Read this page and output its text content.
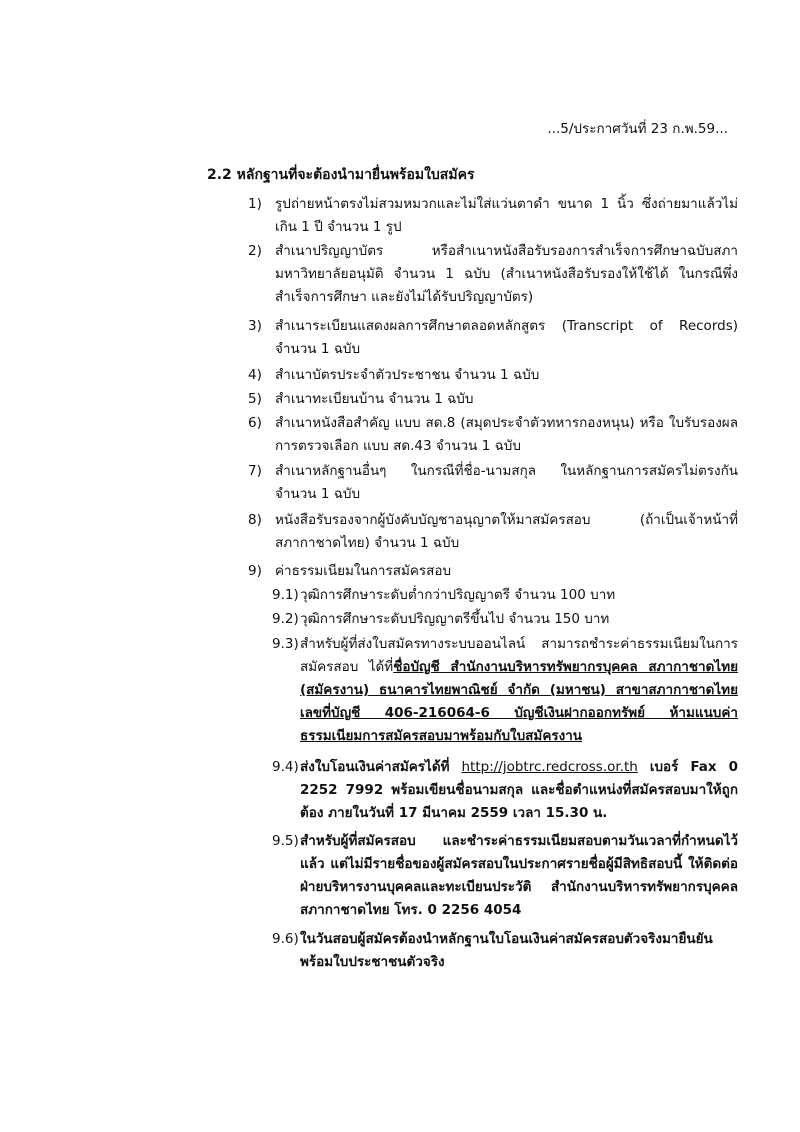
...5/ประกาศวันที่ 23 ก.พ.59...
2.2 หลักฐานที่จะต้องนำมายื่นพร้อมใบสมัคร
1) รูปถ่ายหน้าตรงไม่สวมหมวกและไม่ใส่แว่นตาดำ ขนาด 1 นิ้ว ซึ่งถ่ายมาแล้วไม่เกิน 1 ปี จำนวน 1 รูป
2) สำเนาปริญญาบัตร หรือสำเนาหนังสือรับรองการสำเร็จการศึกษาฉบับสภามหาวิทยาลัยอนุมัติ จำนวน 1 ฉบับ (สำเนาหนังสือรับรองให้ใช้ได้ ในกรณีพึ่งสำเร็จการศึกษา และยังไม่ได้รับปริญญาบัตร)
3) สำเนาระเบียนแสดงผลการศึกษาตลอดหลักสูตร (Transcript of Records) จำนวน 1 ฉบับ
4) สำเนาบัตรประจำตัวประชาชน จำนวน 1 ฉบับ
5) สำเนาทะเบียนบ้าน จำนวน 1 ฉบับ
6) สำเนาหนังสือสำคัญ แบบ สด.8 (สมุดประจำตัวทหารกองหนุน) หรือ ใบรับรองผลการตรวจเลือก แบบ สด.43 จำนวน 1 ฉบับ
7) สำเนาหลักฐานอื่นๆ ในกรณีที่ชื่อ-นามสกุล ในหลักฐานการสมัครไม่ตรงกัน จำนวน 1 ฉบับ
8) หนังสือรับรองจากผู้บังคับบัญชาอนุญาตให้มาสมัครสอบ (ถ้าเป็นเจ้าหน้าที่สภากาชาดไทย) จำนวน 1 ฉบับ
9) ค่าธรรมเนียมในการสมัครสอบ
9.1) วุฒิการศึกษาระดับต่ำกว่าปริญญาตรี จำนวน 100 บาท
9.2) วุฒิการศึกษาระดับปริญญาตรีขึ้นไป จำนวน 150 บาท
9.3) สำหรับผู้ที่ส่งใบสมัครทางระบบออนไลน์ สามารถชำระค่าธรรมเนียมในการสมัครสอบ ได้ที่ชื่อบัญชี สำนักงานบริหารทรัพยากรบุคคล สภากาชาดไทย (สมัครงาน) ธนาคารไทยพาณิชย์ จำกัด (มหาชน) สาขาสภากาชาดไทย เลขที่บัญชี 406-216064-6 บัญชีเงินฝากออกทรัพย์ ห้ามแนบค่าธรรมเนียมการสมัครสอบมาพร้อมกับใบสมัครงาน
9.4) ส่งใบโอนเงินค่าสมัครได้ที่ http://jobtrc.redcross.or.th เบอร์ Fax 0 2252 7992 พร้อมเขียนชื่อนามสกุล และชื่อตำแหน่งที่สมัครสอบมาให้ถูกต้อง ภายในวันที่ 17 มีนาคม 2559 เวลา 15.30 น.
9.5) สำหรับผู้ที่สมัครสอบ และชำระค่าธรรมเนียมสอบตามวันเวลาที่กำหนดไว้แล้ว แต่ไม่มีรายชื่อของผู้สมัครสอบในประกาศรายชื่อผู้มีสิทธิสอบนี้ ให้ติดต่อฝ่ายบริหารงานบุคคลและทะเบียนประวัติ สำนักงานบริหารทรัพยากรบุคคล สภากาชาดไทย โทร. 0 2256 4054
9.6) ในวันสอบผู้สมัครต้องนำหลักฐานใบโอนเงินค่าสมัครสอบตัวจริงมายืนยันพร้อมใบประชาชนตัวจริง
